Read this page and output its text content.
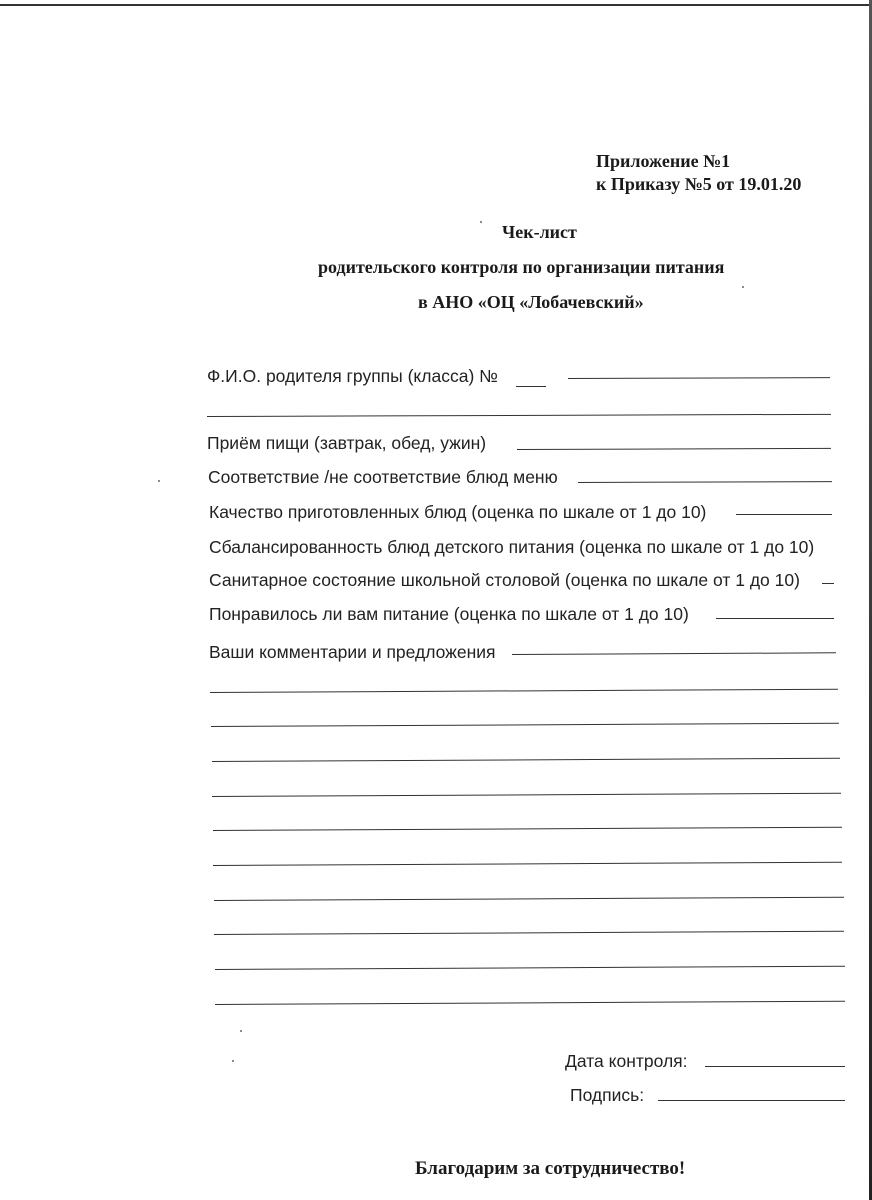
Приложение №1
к Приказу №5 от 19.01.20
Чек-лист
родительского контроля по организации питания
в АНО «ОЦ «Лобачевский»
Ф.И.О. родителя группы (класса) №
Приём пищи (завтрак, обед, ужин)
Соответствие /не соответствие блюд меню
Качество приготовленных блюд (оценка по шкале от 1 до 10)
Сбалансированность блюд детского питания (оценка по шкале от 1 до 10)
Санитарное состояние школьной столовой (оценка по шкале от 1 до 10)
Понравилось ли вам питание (оценка по шкале от 1 до 10)
Ваши комментарии и предложения
Дата контроля:
Подпись:
Благодарим за сотрудничество!
